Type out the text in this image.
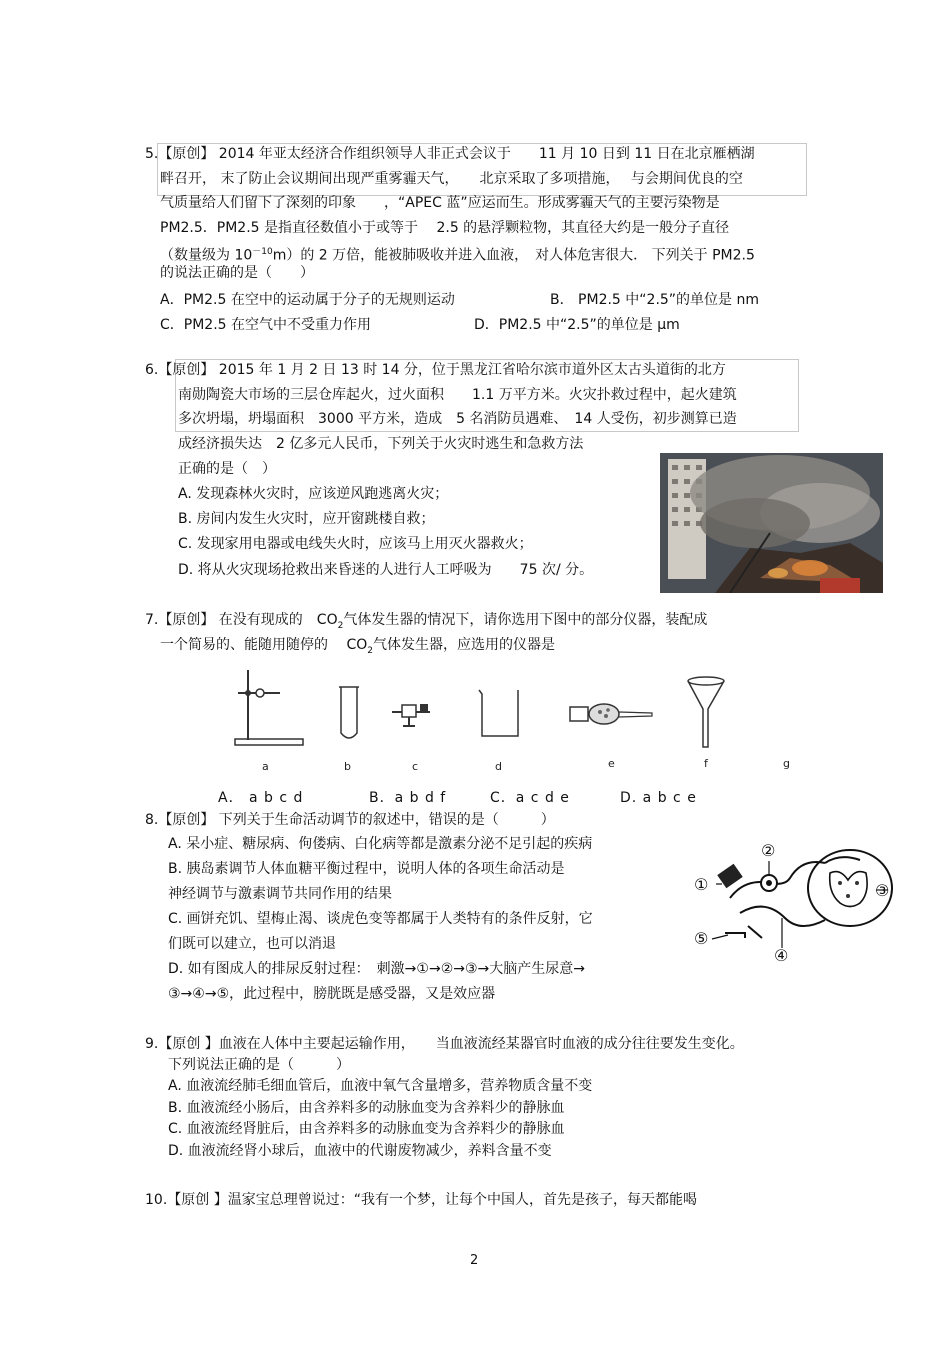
5.【原创】 2014 年亚太经济合作组织领导人非正式会议于　　11 月 10 日到 11 日在北京雁栖湖
畔召开， 末了防止会议期间出现严重雾霾天气，　　北京采取了多项措施，　 与会期间优良的空
气质量给人们留下了深刻的印象　　，“APEC 蓝”应运而生。形成雾霾天气的主要污染物是
PM2.5．PM2.5 是指直径数值小于或等于　 2.5 的悬浮颗粒物，其直径大约是一般分子直径
（数量级为 $10^{-10}m$）的 2 万倍，能被肺吸收并进入血液，　对人体危害很大． 下列关于 PM2.5
的说法正确的是（　　）
A．PM2.5 在空中的运动属于分子的无规则运动	B． PM2.5 中“2.5”的单位是 nm
C．PM2.5 在空气中不受重力作用	D．PM2.5 中“2.5”的单位是 μm
6.【原创】 2015 年 1 月 2 日 13 时 14 分，位于黑龙江省哈尔滨市道外区太古头道街的北方
南勋陶瓷大市场的三层仓库起火，过火面积　　1.1 万平方米。火灾扑救过程中，起火建筑
多次坍塌，坍塌面积　3000 平方米，造成　5 名消防员遇难、　14 人受伤，初步测算已造
成经济损失达　2 亿多元人民币，下列关于火灾时逃生和急救方法
正确的是（　）
A. 发现森林火灾时，应该逆风跑逃离火灾；
B. 房间内发生火灾时，应开窗跳楼自救；
C. 发现家用电器或电线失火时，应该马上用灭火器救火；
D. 将从火灾现场抢救出来昏迷的人进行人工呼吸为　　75 次/ 分。
7.【原创】 在没有现成的　$CO_2$气体发生器的情况下，请你选用下图中的部分仪器，装配成
一个简易的、能随用随停的　 $CO_2$气体发生器，应选用的仪器是
a	b	c	d	e	f	g
A． a b c d	B．a b d f	C．a c d e	D. a b c e
8.【原创】 下列关于生命活动调节的叙述中，错误的是（　　　）
A. 呆小症、糖尿病、佝偻病、白化病等都是激素分泌不足引起的疾病
B. 胰岛素调节人体血糖平衡过程中，说明人体的各项生命活动是
神经调节与激素调节共同作用的结果
C. 画饼充饥、望梅止渴、谈虎色变等都属于人类特有的条件反射，它
们既可以建立，也可以消退
D. 如有图成人的排尿反射过程：　刺激→①→②→③→大脑产生尿意→
③→④→⑤，此过程中，膀胱既是感受器，又是效应器
①
②
③
④
⑤
9.【原创 】血液在人体中主要起运输作用，　　当血液流经某器官时血液的成分往往要发生变化。
下列说法正确的是（　　　）
A. 血液流经肺毛细血管后，血液中氧气含量增多，营养物质含量不变
B. 血液流经小肠后，由含养料多的动脉血变为含养料少的静脉血
C. 血液流经肾脏后，由含养料多的动脉血变为含养料少的静脉血
D. 血液流经肾小球后，血液中的代谢废物减少，养料含量不变
10.【原创 】温家宝总理曾说过：“我有一个梦，让每个中国人，首先是孩子，每天都能喝
2
